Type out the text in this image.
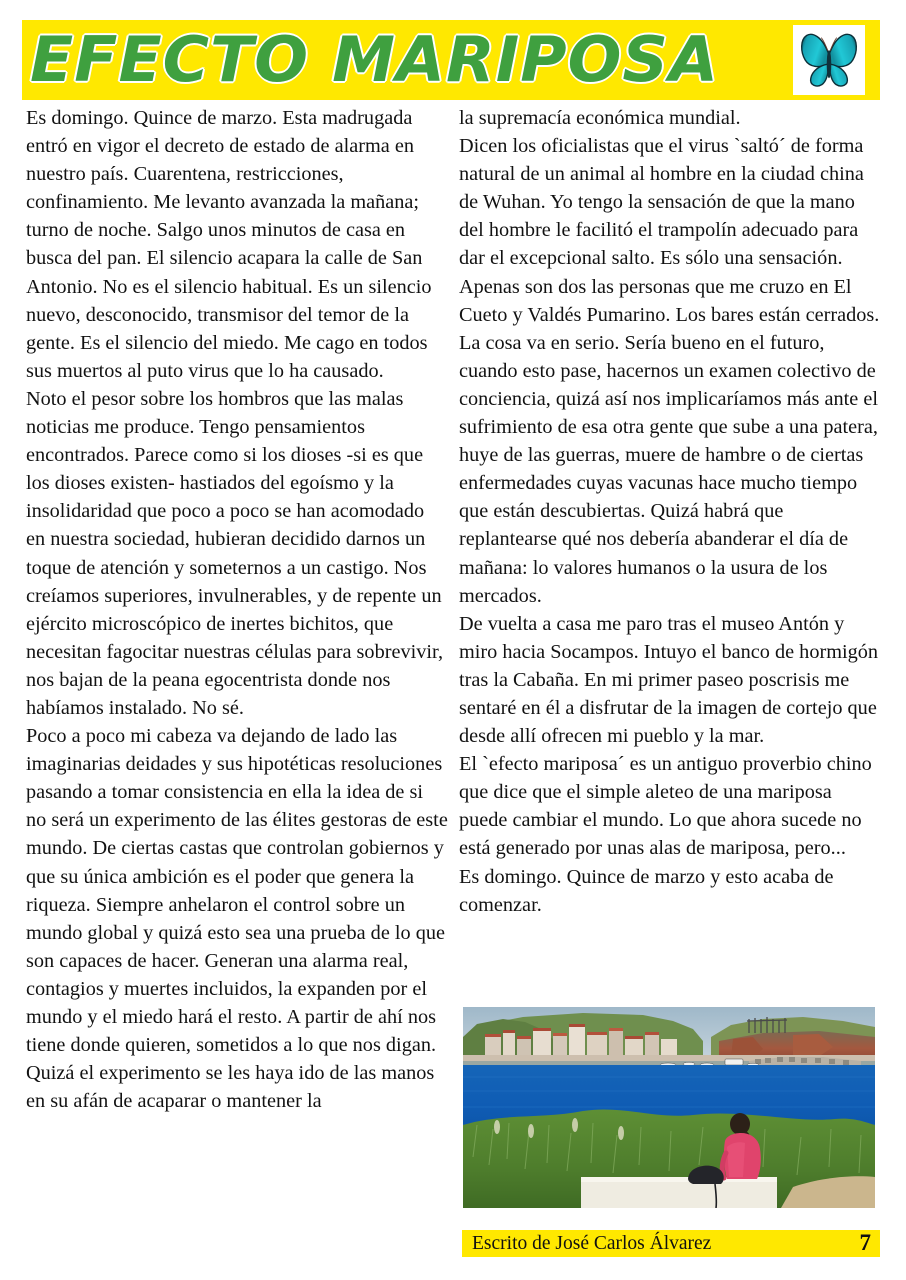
EFECTO MARIPOSA

Es domingo. Quince de marzo. Esta madrugada entró en vigor el decreto de estado de alarma en nuestro país. Cuarentena, restricciones, confinamiento. Me levanto avanzada la mañana; turno de noche. Salgo unos minutos de casa en busca del pan. El silencio acapara la calle de San Antonio. No es el silencio habitual. Es un silencio nuevo, desconocido, transmisor del temor de la gente. Es el silencio del miedo. Me cago en todos sus muertos al puto virus que lo ha causado.

Noto el pesor sobre los hombros que las malas noticias me produce. Tengo pensamientos encontrados. Parece como si los dioses -si es que los dioses existen- hastiados del egoísmo y la insolidaridad que poco a poco se han acomodado en nuestra sociedad, hubieran decidido darnos un toque de atención y someternos a un castigo. Nos creíamos superiores, invulnerables, y de repente un ejército microscópico de inertes bichitos, que necesitan fagocitar nuestras células para sobrevivir, nos bajan de la peana egocentrista donde nos habíamos instalado. No sé.

Poco a poco mi cabeza va dejando de lado las imaginarias deidades y sus hipotéticas resoluciones pasando a tomar consistencia en ella la idea de si no será un experimento de las élites gestoras de este mundo. De ciertas castas que controlan gobiernos y que su única ambición es el poder que genera la riqueza. Siempre anhelaron el control sobre un mundo global y quizá esto sea una prueba de lo que son capaces de hacer. Generan una alarma real, contagios y muertes incluidos, la expanden por el mundo y el miedo hará el resto. A partir de ahí nos tiene donde quieren, sometidos a lo que nos digan.

Quizá el experimento se les haya ido de las manos en su afán de acaparar o mantener la

la supremacía económica mundial.

Dicen los oficialistas que el virus `saltó´ de forma natural de un animal al hombre en la ciudad china de Wuhan. Yo tengo la sensación de que la mano del hombre le facilitó el trampolín adecuado para dar el excepcional salto. Es sólo una sensación.

Apenas son dos las personas que me cruzo en El Cueto y Valdés Pumarino. Los bares están cerrados. La cosa va en serio. Sería bueno en el futuro, cuando esto pase, hacernos un examen colectivo de conciencia, quizá así nos implicaríamos más ante el sufrimiento de esa otra gente que sube a una patera, huye de las guerras, muere de hambre o de ciertas enfermedades cuyas vacunas hace mucho tiempo que están descubiertas. Quizá habrá que replantearse qué nos debería abanderar el día de mañana: lo valores humanos o la usura de los mercados.

De vuelta a casa me paro tras el museo Antón y miro hacia Socampos. Intuyo el banco de hormigón tras la Cabaña. En mi primer paseo poscrisis me sentaré en él a disfrutar de la imagen de cortejo que desde allí ofrecen mi pueblo y la mar.

El `efecto mariposa´ es un antiguo proverbio chino que dice que el simple aleteo de una mariposa puede cambiar el mundo. Lo que ahora sucede no está generado por unas alas de mariposa, pero...

Es domingo. Quince de marzo y esto acaba de comenzar.

Escrito de José Carlos Álvarez	7
